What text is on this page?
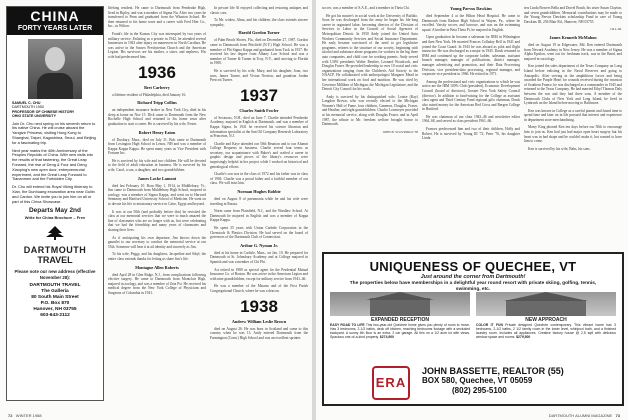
CHINA
FORTY YEARS LATER
SAMUEL C. CHU
DARTMOUTH 1950
PROFESSOR OF CHINESE HISTORY
OHIO STATE UNIVERSITY

Join Dr. Chu next spring on his seventh return to his native China. He will cruise aboard the Yangtze Princess, visiting Hong Kong to Shanghai, Taipei, Kagoshima, Seoul, and Beijing for a fascinating trip.

Next year marks the 40th Anniversary of the Peoples Republic of China. With new visits into the results of that fastening, the Great Leap Forward, the rise of Deng & Four and Deng Xiaoping's new open door, entrepreneurial experiment, and the Great Leap Forward to Tiananmen and the Forbidden City.

Dr. Chu will extend his Royal Viking itinerary to Xian, the Dunhuang excavation area near Guilin and Canton. We invite you to join him on all or part of this China Showcase.

Departs May 2nd
Write for China Brochure – Free
DARTMOUTH
TRAVEL
Please note our new address (effective November 28):
DARTMOUTH TRAVEL
The Galleria
80 South Main Street
P.O. Box 870
Hanover, NH 03755
603-643-2112

lifelong resident. He came to Dartmouth from Pembroke High, lived in Ripley, and was a member of Sigma Nu. After two years he transferred to Penn and graduated from the Wharton School. He then returned to his home town and a career with Fred Hier Co., Inc., in Wilton.

Frank's life in the Kansas City was interrupted by two years of military service. Enlisting as a private in 1942, he attended several businesses in 1943 after injury on maneuvers in North Carolina. He was active in the Sussex Presbyterian Church and the American Legion. His survivors are his mother, a sister, and nephews. His wife had predeceased him.

1936

Bret Carberry

a lifetime resident of Philadelphia, died January 16.

Richard Tripp Collins

an independent insurance broker in New York City, died in his sleep at home on Nov 15. Dick came to Dartmouth from the New Rochelle High School and returned to his home town after graduation to start a career. He is survived by his wife, Foster.

Robert Henry Eaton

of Duxbury, Mass., died on July 31. Bob came to Dartmouth from Lexington High School in Lenox, NH and was a member of Kappa Kappa Kappa. He spent many years as Vice President with Fortune Inc.

He is survived by his wife and two children. He will be devoted to the field of adult education in business. He is survived by his wife, Carol, a son, a daughter, and two grandchildren.

James Locke Lamont

died last February 10. Born May 1, 1914, in Middlebury, Vt., Jim came to Dartmouth from Middlebury High School, majored in zoology, was a member of Sigma Kappa, and went on to Harvard Seminary and Hartford University School of Medicine. He went on to devote his life to missionary service in Cairo, Egypt and beyond.

It was at our 50th (and probably before this) he revisited the class at our memorial services that we were to much amazed the line of classmates who are no longer with us, but were celebrating that we had the friendship and many years of classmates and sharing their lives.

As if anticipating his own departure, Jim throws down the gauntlet to our secretary to conduct the memorial service at our 55th. Someone will hear it at ad identity and sincerely as Jim.

To his wife, Peggy, and his daughters, Jacqueline and Sibyl, the entire class extends thanks for letting us share Jim's life.

Montague Allen Roberts

died April 28 in Glen Ridge, N.J., from complications following elective surgery. He came to Dartmouth from Montclair High, majored in zoology, and was a member of Zeta Psi. He received his medical degree from the New York College of Physicians and Surgeons of Columbia in 1941.

In private life Al enjoyed collecting and restoring antiques and classic cars.

To Mr. widow, Alma, and his children, the class extends sincere sympathy.

Harold Gordon Turner

of Palm Beach Shores, Fla., died on December 27, 1987. Gordon came to Dartmouth from Pittsfield (N.Y.) High School. He was a member of Phi Sigma Kappa and graduated from Tuck in 1937. He received his law degree from Albany Law School and was a member of Turner & Turner in Troy, N.Y., until moving to Florida in 1980.

He is survived by his wife, Mary, and his daughter, Joan, two sons, James Turner, and Vivian Newton, and grandson Jordan Prescott Turner.

1937

Charles Smith Fowler

of Secaucus, N.H., died on June 7. Charlie attended Pembroke Academy, majored in English at Dartmouth, and was a member of Kappa Sigma. In 1941 he received his science librarian and information specialist at the Sun Oil Company Research Laboratory at Princeton, N.J.

Charlie and Kaye attended our 50th Reunion and to our Alumni College Bequests in business. Charlie served four terms as secretary, our acquaintance with Baker's and crafted a career in graphic design and pieces of the library's resources were surprisingly helpful in her project while I worked on historical and genealogical efforts.

Charlie's son was in the class of 1972 and his father was in class of 1904. Charlie was a proud father and a faithful member of our class. We will miss him.

Norman Hughes Robbie

died on August 8 of pneumonia while he and his wife were traveling in Russia.

Norm came from Plainfield, N.J., and the Wardlaw School. At Dartmouth he majored in English and was a member of Kappa Kappa Kappa.

He spent 35 years with Union Carbide Corporation in the Chemicals & Plastics Division. He had served on the board of governors of the Dartmouth Club of Connecticut.

Arthur G. Nyman Jr.

died at his home in Carlisle, Mass., on Jan. 10. He prepared for Dartmouth at St. Johnsbury Academy and at College majored in Spanish and was a member of Chi Phi.

Art retired in 1980 as special agent for the Prudential Mutual Insurance Co. of Boston. He was active in the American Legion and with nine grandchildren, except for military service from 1941–46.

He was a member of the Masons and of the First Parish Congregational Church, where he was a deacon.

1938

Andrew William Leslie Brown

died on August 26. He was born in Scotland and came to this country when he was 13. Andy entered Dartmouth from the Farmington (Conn.) High School and was an excellent sprinter.

72 WINTER 1988

soccer, was a member of S.A.E., and a member in Theta Chi.

He got his master's in social work at the University of Buffalo. Soon he was discharged from the army he began his life-long career in organized labor, becoming director of the Division of Services to Labor in the Council of Social Agencies of Metropolitan Detroit. In 1950 Andy joined the United Auto Workers Community Services and Social Insurance Department. He early became convinced of the need to get legislative programs, retirees to the structure of our society, beginning with alcohol and substance abuse programs for workers in the big three auto companies, and child care for working parents. Andy served with UAW presidents Walter Reuther, Leonard Woodcock, and Douglas Fraser. He provided leadership to over 10 social and civic organizations ranging from the Children's Aid Society to the NAACP. He collaborated with anthropologist Margaret Mead in her international work on food and nutrition. He was cited by Governor Milliken of Michigan, the Michigan Legislature, and the Detroit City Council for his work.

Andy is survived by his distinguished wife, Louise (Kay) Langdon Brown, who was recently elected to the Michigan Women's Hall of Fame, four children, Cameron, Douglas, Fraser, and Heather, and eight grandchildren. Charlie Lowmeyer provided at his memorial service, along with Douglas Fraser, and in April 1987, the tribute to Mr. freedom welfare brought honor to Dartmouth.

JOHN B. SCOVRIDGE '38

Young Parvus Dawkins

died September 4 at the Hilton Head Hospital. He came to Dartmouth from Radnor High School in Wayne, Pa., where he excelled. Varsity soccer, and lacrosse, and was on the swimming squad. A brother in Beta Theta Pi, he majored in English.

Upon graduation he became a salesman for IBM in Wilmington and then New York. He married Frances Colladay Bell in 1941 and joined the Coast Guard. In 1943 he was aboard as pilot and flight instructor. He was discharged as a major in 1945. Dawk returned to IBM and continued up the corporate ladder, salesman, assistant branch manager, manager of publications, district manager, manager advertising and promotion, and their Data Processing Division, vice president-data processing, regional manager, and corporate vice president in 1966. He retired in 1971.

Among the professional and civic organizations to which he was active are the IBM 100% Club (president), Economic Development Council (board of directors), Greater New York Safety Council (director). In addition to fund-raising for the College as assistant class agent and Third Century Fund regional gifts chairman, Dawk also raised money for the American Red Cross and Bergen College in Hartford.

He was chairman of our class 1943–46 and newsletter editor 1964–68, and served as class president 1961–66.

Frances predeceased him and two of their children, Holly and Robert. He is survived by Young III '72, Peter '76, his daughter Linda

ters Linda Bowers Bella and Dorrel Brush, his sister Susan Clayton, and seven grandchildren. Memorial contributions may be made to the Young Parvus Dawkins scholarship Fund in care of Young Dawkins III, 256 Blair Rd., Hanover, NH 03755.

J.R.L.JR.

James Kenneth McMahon

died on August 19 in Edgewater, Md. Ken entered Dartmouth from Newark Academy in New Jersey. He was a member of Sigma Alpha Epsilon, went out for freshman track, was in the Band, and majored in sociology.

Ken joined the sales department of the Texas Company on Long Island before enlisting in the Naval Reserves and going to Annapolis. After serving in the amphibious forces and being awarded the Purple Heart for wounds received during the invasion of Southern France, he was discharged as a commander in 1945 and returned to the Texas Company. He had married Ethyl Thomas Daly between the war and they had three sons. A member of the Dartmouth Clubs of New York and Long Island, he lived in Lynbrook on the Island before moving to Baltimore.

Ken was known in College as a careful pianist and found time to spend time and later on in life pursued that interest and experience in department store merchandising.

Marry King phoned Ken ten days before our 50th to encourage him to join us. Ken had just had major open heart surgery but his heart was in bad shape and he couldn't make it, but wanted to have him to come.

Ken is survived by his wife, Babs, his sons.

UNIQUENESS OF QUECHEE, VT
Just around the corner from Dartmouth!
The properties below have memberships in a delightful year round resort with private skiing, golfing, tennis, swimming, etc.
EXPANDED RECEPTION
EASY ROAD TO LIFE This two-year-old Quechee home gives you plenty of room to move. Has 3 bedrooms, 2-1/2 baths, deck off kitchen, reaching bedrooms footage with a secluded backyard. A sunny 4th floor is an extra. 2 car garage. All this on a 1/2 acre lot with views. Spacious one-of-a-kind property. $274,900
NEW APPROACH
COLOR IT FUN Private designed Quechee contemporary. This vibrant home has 3 bedrooms, 2-1/2 baths, 2 1/2 family room in the lower level, whirlpool bath, and a finished laundry room. Includes all appliances. Creative factory house @ 2,5 sqft with delicious window space and rooms. $279,500
ERA
JOHN BASSETTE, REALTOR (55)
BOX 580, Quechee, VT 05059
(802) 295-5100
DARTMOUTH ALUMNI MAGAZINE 73
